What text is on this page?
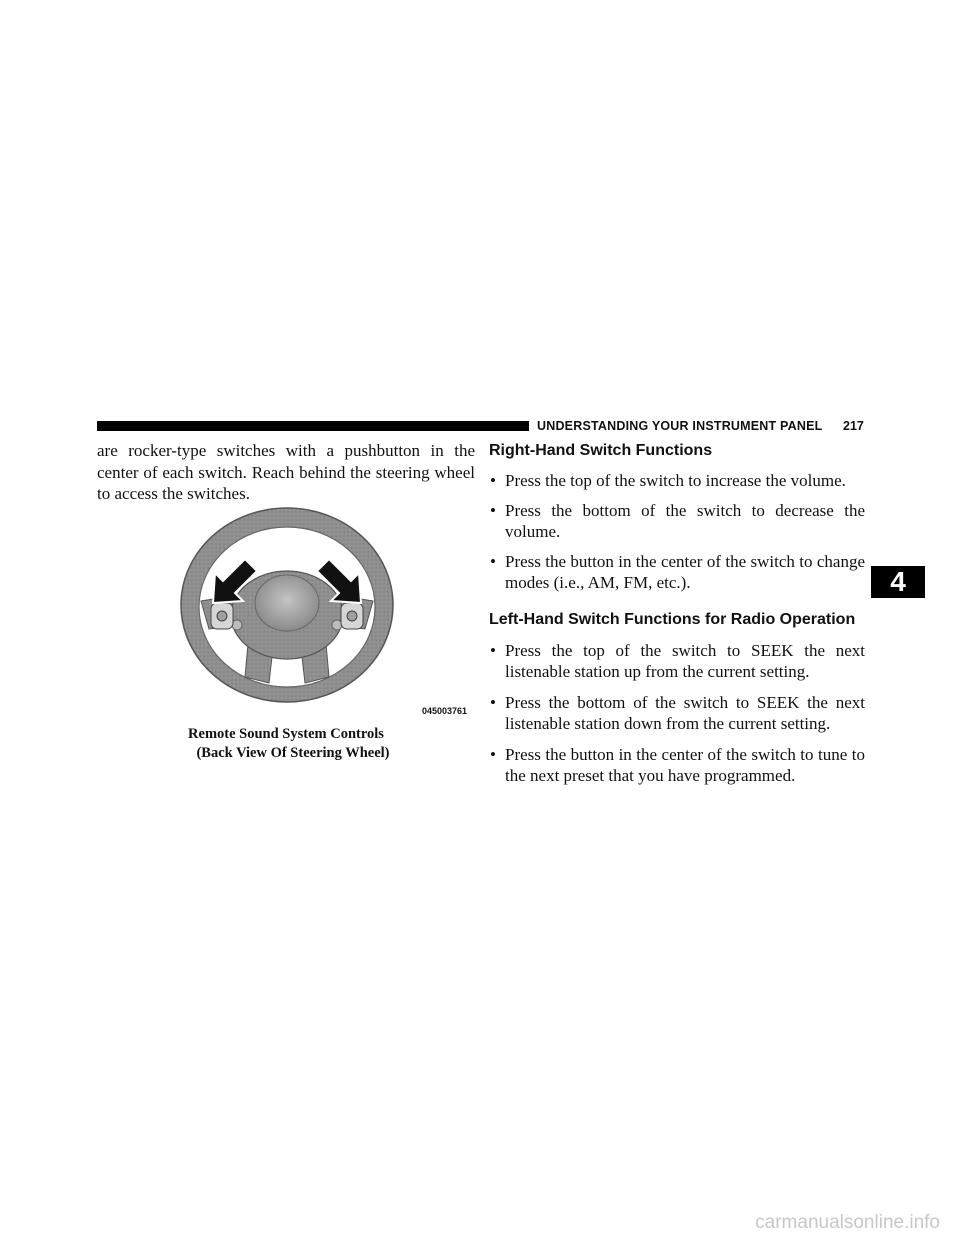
UNDERSTANDING YOUR INSTRUMENT PANEL 217

are rocker-type switches with a pushbutton in the center of each switch. Reach behind the steering wheel to access the switches.

045003761
Remote Sound System Controls
(Back View Of Steering Wheel)
Right-Hand Switch Functions
• Press the top of the switch to increase the volume.
• Press the bottom of the switch to decrease the volume.
• Press the button in the center of the switch to change modes (i.e., AM, FM, etc.).
Left-Hand Switch Functions for Radio Operation
• Press the top of the switch to SEEK the next listenable station up from the current setting.
• Press the bottom of the switch to SEEK the next listenable station down from the current setting.
• Press the button in the center of the switch to tune to the next preset that you have programmed.
4
carmanualsonline.info
